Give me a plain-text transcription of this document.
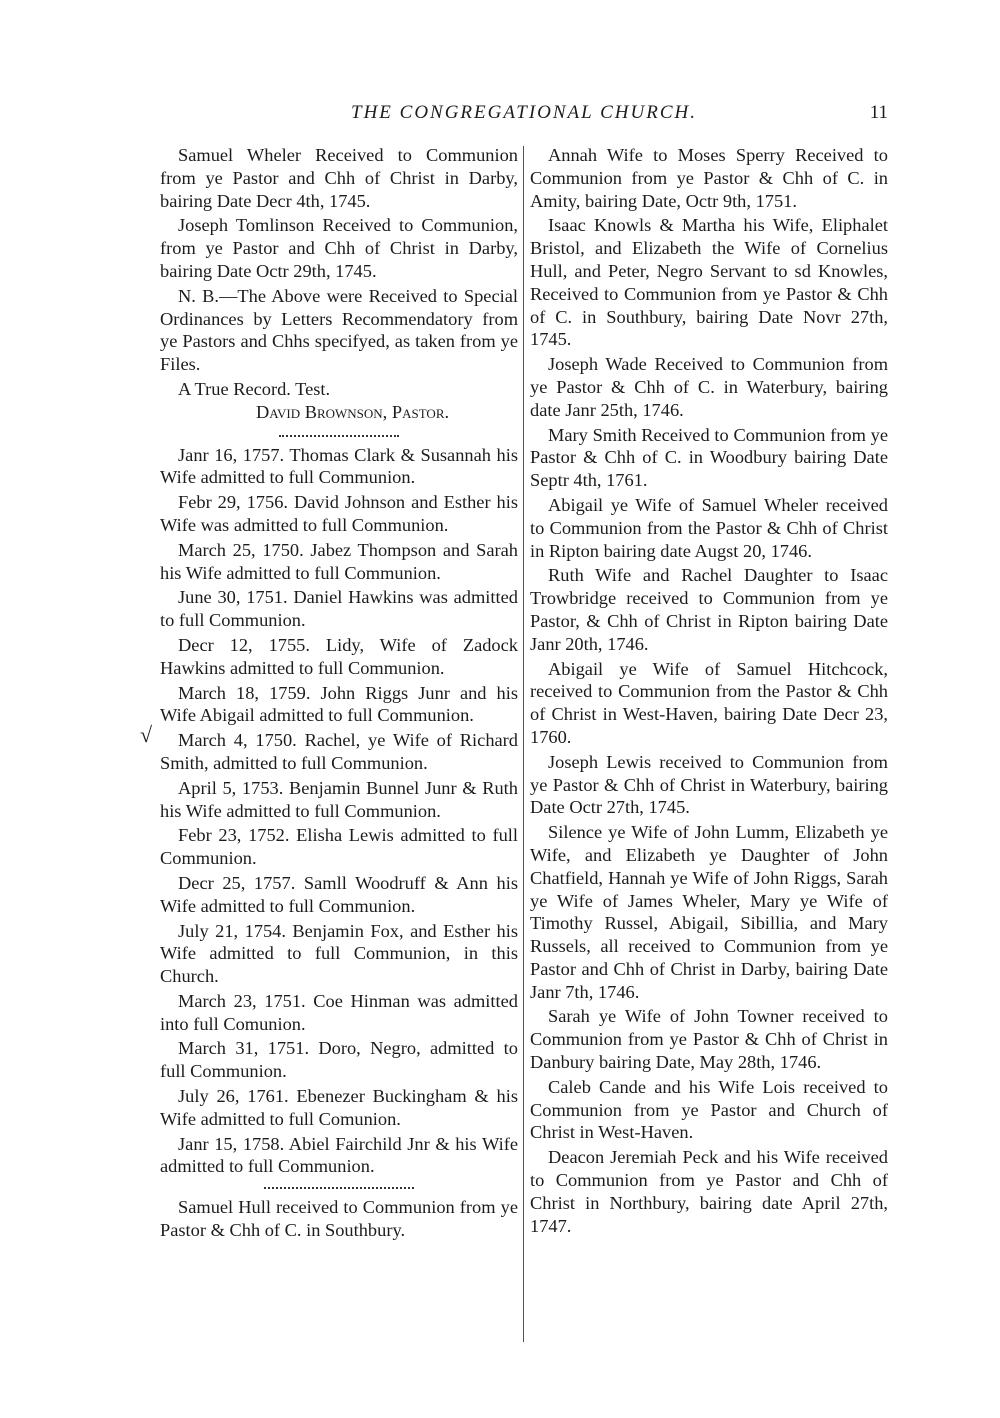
THE CONGREGATIONAL CHURCH.	11

Samuel Wheler Received to Communion from ye Pastor and Chh of Christ in Darby, bairing Date Decr 4th, 1745.

Joseph Tomlinson Received to Communion, from ye Pastor and Chh of Christ in Darby, bairing Date Octr 29th, 1745.

N. B.—The Above were Received to Special Ordinances by Letters Recommendatory from ye Pastors and Chhs specifyed, as taken from ye Files.

A True Record. Test.

David Brownson, Pastor.

Janr 16, 1757. Thomas Clark & Susannah his Wife admitted to full Communion.

Febr 29, 1756. David Johnson and Esther his Wife was admitted to full Communion.

March 25, 1750. Jabez Thompson and Sarah his Wife admitted to full Communion.

June 30, 1751. Daniel Hawkins was admitted to full Communion.

Decr 12, 1755. Lidy, Wife of Zadock Hawkins admitted to full Communion.

March 18, 1759. John Riggs Junr and his Wife Abigail admitted to full Communion.

March 4, 1750. Rachel, ye Wife of Richard Smith, admitted to full Communion.

April 5, 1753. Benjamin Bunnel Junr & Ruth his Wife admitted to full Communion.

Febr 23, 1752. Elisha Lewis admitted to full Communion.

Decr 25, 1757. Samll Woodruff & Ann his Wife admitted to full Communion.

July 21, 1754. Benjamin Fox, and Esther his Wife admitted to full Communion, in this Church.

March 23, 1751. Coe Hinman was admitted into full Comunion.

March 31, 1751. Doro, Negro, admitted to full Communion.

July 26, 1761. Ebenezer Buckingham & his Wife admitted to full Comunion.

Janr 15, 1758. Abiel Fairchild Jnr & his Wife admitted to full Communion.

Samuel Hull received to Communion from ye Pastor & Chh of C. in Southbury.

√

Annah Wife to Moses Sperry Received to Communion from ye Pastor & Chh of C. in Amity, bairing Date, Octr 9th, 1751.

Isaac Knowls & Martha his Wife, Eliphalet Bristol, and Elizabeth the Wife of Cornelius Hull, and Peter, Negro Servant to sd Knowles, Received to Communion from ye Pastor & Chh of C. in Southbury, bairing Date Novr 27th, 1745.

Joseph Wade Received to Communion from ye Pastor & Chh of C. in Waterbury, bairing date Janr 25th, 1746.

Mary Smith Received to Communion from ye Pastor & Chh of C. in Woodbury bairing Date Septr 4th, 1761.

Abigail ye Wife of Samuel Wheler received to Communion from the Pastor & Chh of Christ in Ripton bairing date Augst 20, 1746.

Ruth Wife and Rachel Daughter to Isaac Trowbridge received to Communion from ye Pastor, & Chh of Christ in Ripton bairing Date Janr 20th, 1746.

Abigail ye Wife of Samuel Hitchcock, received to Communion from the Pastor & Chh of Christ in West-Haven, bairing Date Decr 23, 1760.

Joseph Lewis received to Communion from ye Pastor & Chh of Christ in Waterbury, bairing Date Octr 27th, 1745.

Silence ye Wife of John Lumm, Elizabeth ye Wife, and Elizabeth ye Daughter of John Chatfield, Hannah ye Wife of John Riggs, Sarah ye Wife of James Wheler, Mary ye Wife of Timothy Russel, Abigail, Sibillia, and Mary Russels, all received to Communion from ye Pastor and Chh of Christ in Darby, bairing Date Janr 7th, 1746.

Sarah ye Wife of John Towner received to Communion from ye Pastor & Chh of Christ in Danbury bairing Date, May 28th, 1746.

Caleb Cande and his Wife Lois received to Communion from ye Pastor and Church of Christ in West-Haven.

Deacon Jeremiah Peck and his Wife received to Communion from ye Pastor and Chh of Christ in Northbury, bairing date April 27th, 1747.
